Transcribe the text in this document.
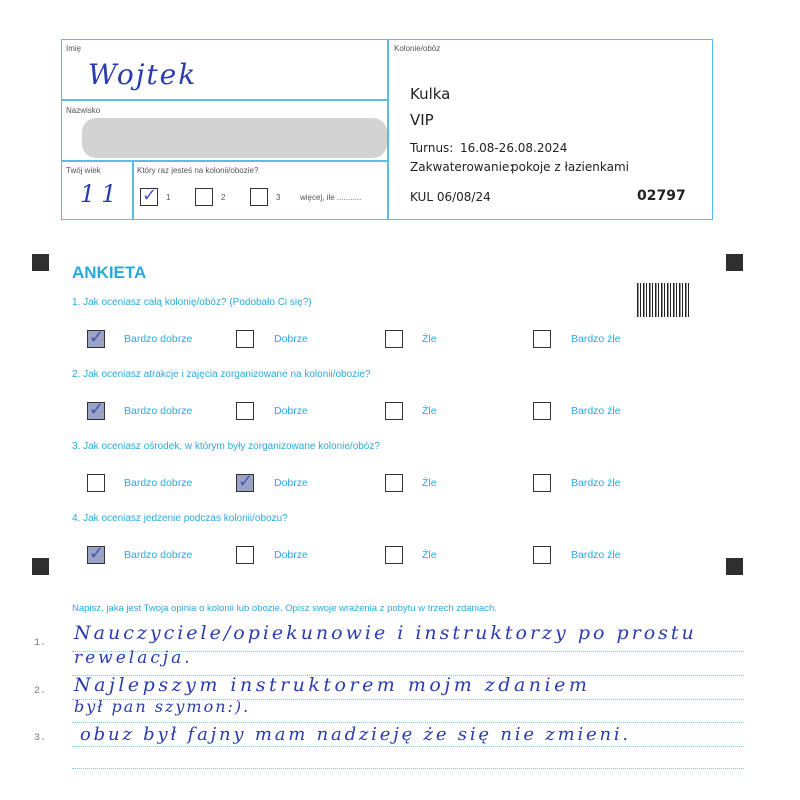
Imię
Wojtek
Nazwisko
Twój wiek
11
Który raz jesteś na kolonii/obozie?
✓ 1	2	3 więcej, ile ...........
Kolonie/obóz
Kulka
VIP
Turnus: 16.08-26.08.2024
Zakwaterowanie:
pokoje z łazienkami
KUL 06/08/24	02797
ANKIETA
1. Jak oceniasz całą kolonię/obóz? (Podobało Ci się?)
✓ Bardzo dobrze	Dobrze	Źle	Bardzo źle
2. Jak oceniasz atrakcje i zajęcia zorganizowane na kolonii/obozie?
✓ Bardzo dobrze	Dobrze	Źle	Bardzo źle
3. Jak oceniasz ośrodek, w którym były zorganizowane kolonie/obóz?
Bardzo dobrze	✓ Dobrze	Źle	Bardzo źle
4. Jak oceniasz jedzenie podczas kolonii/obozu?
✓ Bardzo dobrze	Dobrze	Źle	Bardzo źle
Napisz, jaka jest Twoja opinia o kolonii lub obozie. Opisz swoje wrażenia z pobytu w trzech zdaniach.
1.
2.
3.
Nauczyciele/opiekunowie i instruktorzy po prostu
rewelacja.
Najlepszym instruktorem mojm zdaniem
był pan szymon:).
obuz był fajny mam nadzieję że się nie zmieni.
